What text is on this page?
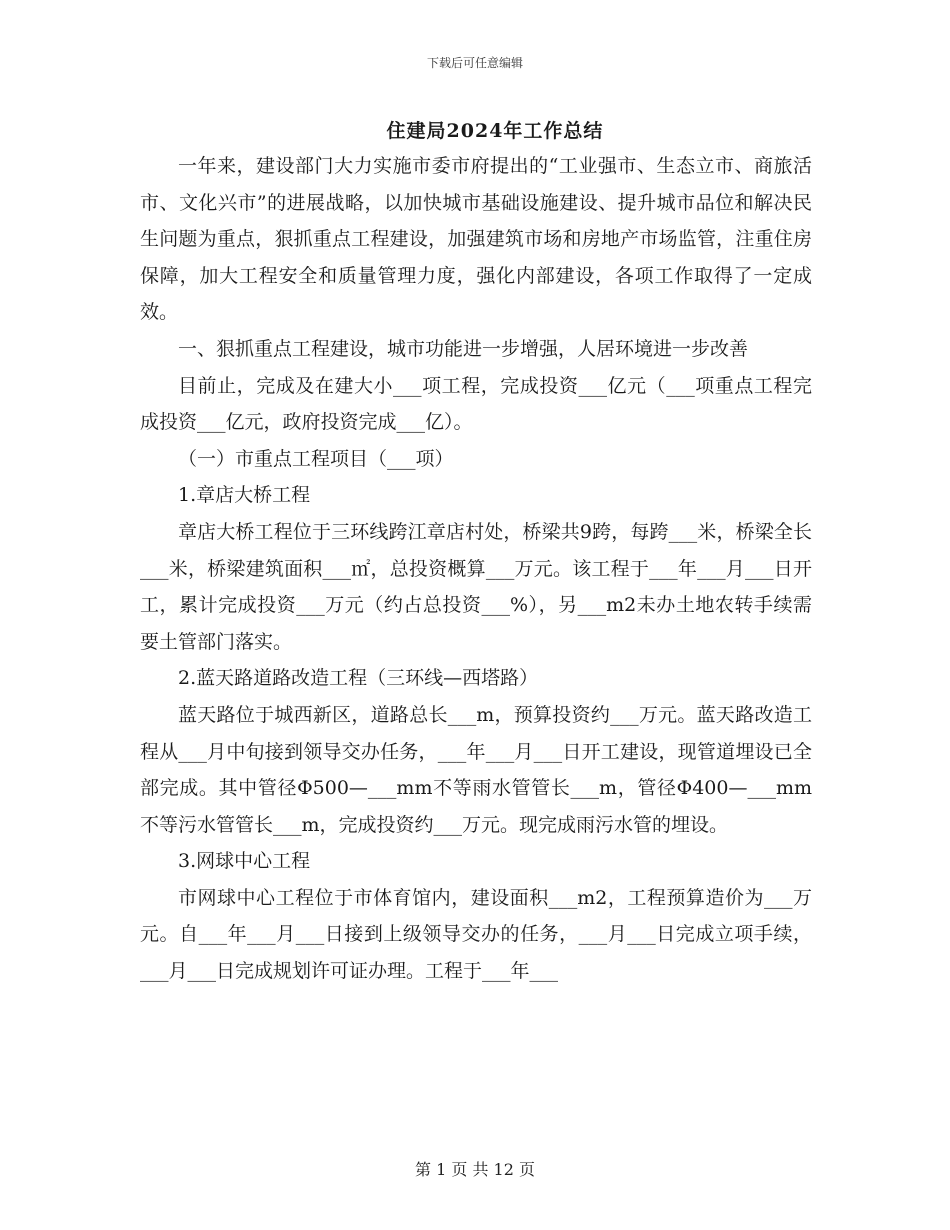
下载后可任意编辑
住建局2024年工作总结

一年来，建设部门大力实施市委市府提出的“工业强市、生态立市、商旅活市、文化兴市”的进展战略，以加快城市基础设施建设、提升城市品位和解决民生问题为重点，狠抓重点工程建设，加强建筑市场和房地产市场监管，注重住房保障，加大工程安全和质量管理力度，强化内部建设，各项工作取得了一定成效。

一、狠抓重点工程建设，城市功能进一步增强，人居环境进一步改善

目前止，完成及在建大小___项工程，完成投资___亿元（___项重点工程完成投资___亿元，政府投资完成___亿）。

（一）市重点工程项目（___项）

1.章店大桥工程

章店大桥工程位于三环线跨江章店村处，桥梁共9跨，每跨___米，桥梁全长___米，桥梁建筑面积___㎡，总投资概算___万元。该工程于___年___月___日开工，累计完成投资___万元（约占总投资___%），另___m2未办土地农转手续需要土管部门落实。

2.蓝天路道路改造工程（三环线—西塔路）

蓝天路位于城西新区，道路总长___m，预算投资约___万元。蓝天路改造工程从___月中旬接到领导交办任务，___年___月___日开工建设，现管道埋设已全部完成。其中管径Φ500—___mm不等雨水管管长___m，管径Φ400—___mm不等污水管管长___m，完成投资约___万元。现完成雨污水管的埋设。

3.网球中心工程

市网球中心工程位于市体育馆内，建设面积___m2，工程预算造价为___万元。自___年___月___日接到上级领导交办的任务，___月___日完成立项手续，___月___日完成规划许可证办理。工程于___年___

第 1 页 共 12 页
